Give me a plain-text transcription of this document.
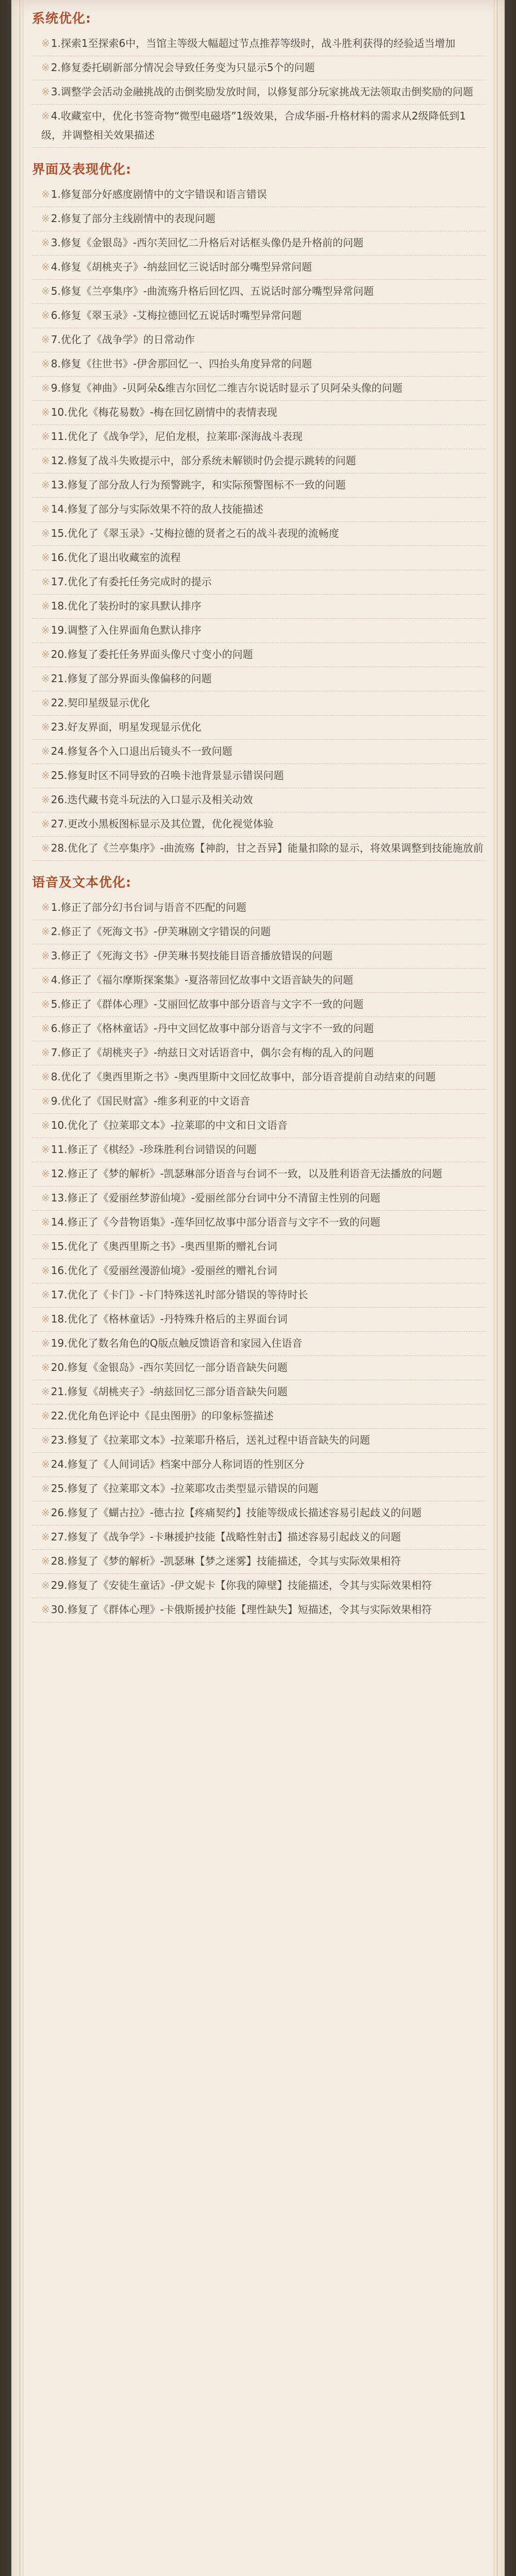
系统优化:
※ 1.探索1至探索6中，当馆主等级大幅超过节点推荐等级时，战斗胜利获得的经验适当增加
※ 2.修复委托刷新部分情况会导致任务变为只显示5个的问题
※ 3.调整学会活动金融挑战的击倒奖励发放时间，以修复部分玩家挑战无法领取击倒奖励的问题
※ 4.收藏室中，优化书签奇物“微型电磁塔”1级效果，合成华丽-升格材料的需求从2级降低到1级，并调整相关效果描述
界面及表现优化:
※ 1.修复部分好感度剧情中的文字错误和语言错误
※ 2.修复了部分主线剧情中的表现问题
※ 3.修复《金银岛》-西尔芙回忆二升格后对话框头像仍是升格前的问题
※ 4.修复《胡桃夹子》-纳兹回忆三说话时部分嘴型异常问题
※ 5.修复《兰亭集序》-曲流殇升格后回忆四、五说话时部分嘴型异常问题
※ 6.修复《翠玉录》-艾梅拉德回忆五说话时嘴型异常问题
※ 7.优化了《战争学》的日常动作
※ 8.修复《往世书》-伊舍那回忆一、四抬头角度异常的问题
※ 9.修复《神曲》-贝阿朵&维吉尔回忆二维吉尔说话时显示了贝阿朵头像的问题
※ 10.优化《梅花易数》-梅在回忆剧情中的表情表现
※ 11.优化了《战争学》，尼伯龙根，拉莱耶·深海战斗表现
※ 12.修复了战斗失败提示中，部分系统未解锁时仍会提示跳转的问题
※ 13.修复了部分敌人行为预警跳字，和实际预警图标不一致的问题
※ 14.修复了部分与实际效果不符的敌人技能描述
※ 15.优化了《翠玉录》-艾梅拉德的贤者之石的战斗表现的流畅度
※ 16.优化了退出收藏室的流程
※ 17.优化了有委托任务完成时的提示
※ 18.优化了装扮时的家具默认排序
※ 19.调整了入住界面角色默认排序
※ 20.修复了委托任务界面头像尺寸变小的问题
※ 21.修复了部分界面头像偏移的问题
※ 22.契印星级显示优化
※ 23.好友界面，明星发现显示优化
※ 24.修复各个入口退出后镜头不一致问题
※ 25.修复时区不同导致的召唤卡池背景显示错误问题
※ 26.迭代藏书竞斗玩法的入口显示及相关动效
※ 27.更改小黑板图标显示及其位置，优化视觉体验
※ 28.优化了《兰亭集序》-曲流殇【神韵，甘之吾异】能量扣除的显示，将效果调整到技能施放前
语音及文本优化:
※ 1.修正了部分幻书台词与语音不匹配的问题
※ 2.修正了《死海文书》-伊芙琳剧文字错误的问题
※ 3.修正了《死海文书》-伊芙琳书契技能目语音播放错误的问题
※ 4.修正了《福尔摩斯探案集》-夏洛蒂回忆故事中文语音缺失的问题
※ 5.修正了《群体心理》-艾丽回忆故事中部分语音与文字不一致的问题
※ 6.修正了《格林童话》-丹中文回忆故事中部分语音与文字不一致的问题
※ 7.修正了《胡桃夹子》-纳兹日文对话语音中，偶尔会有梅的乱入的问题
※ 8.优化了《奥西里斯之书》-奥西里斯中文回忆故事中，部分语音提前自动结束的问题
※ 9.优化了《国民财富》-维多利亚的中文语音
※ 10.优化了《拉莱耶文本》-拉莱耶的中文和日文语音
※ 11.修正了《棋经》-珍珠胜利台词错误的问题
※ 12.修正了《梦的解析》-凯瑟琳部分语音与台词不一致，以及胜利语音无法播放的问题
※ 13.修正了《爱丽丝梦游仙境》-爱丽丝部分台词中分不清留主性别的问题
※ 14.修正了《今昔物语集》-莲华回忆故事中部分语音与文字不一致的问题
※ 15.优化了《奥西里斯之书》-奥西里斯的赠礼台词
※ 16.优化了《爱丽丝漫游仙境》-爱丽丝的赠礼台词
※ 17.优化了《卡门》-卡门特殊送礼时部分错误的等待时长
※ 18.优化了《格林童话》-丹特殊升格后的主界面台词
※ 19.优化了数名角色的Q版点触反馈语音和家园入住语音
※ 20.修复《金银岛》-西尔芙回忆一部分语音缺失问题
※ 21.修复《胡桃夹子》-纳兹回忆三部分语音缺失问题
※ 22.优化角色评论中《昆虫图册》的印象标签描述
※ 23.修复了《拉莱耶文本》-拉莱耶升格后，送礼过程中语音缺失的问题
※ 24.修复了《人间词话》档案中部分人称词语的性别区分
※ 25.修复了《拉莱耶文本》-拉莱耶攻击类型显示错误的问题
※ 26.修复了《蝴古拉》-德古拉【疼痛契约】技能等级成长描述容易引起歧义的问题
※ 27.修复了《战争学》-卡琳援护技能【战略性射击】描述容易引起歧义的问题
※ 28.修复了《梦的解析》-凯瑟琳【梦之迷雾】技能描述，令其与实际效果相符
※ 29.修复了《安徒生童话》-伊文妮卡【你我的障壁】技能描述，令其与实际效果相符
※ 30.修复了《群体心理》-卡俄斯援护技能【理性缺失】短描述，令其与实际效果相符
